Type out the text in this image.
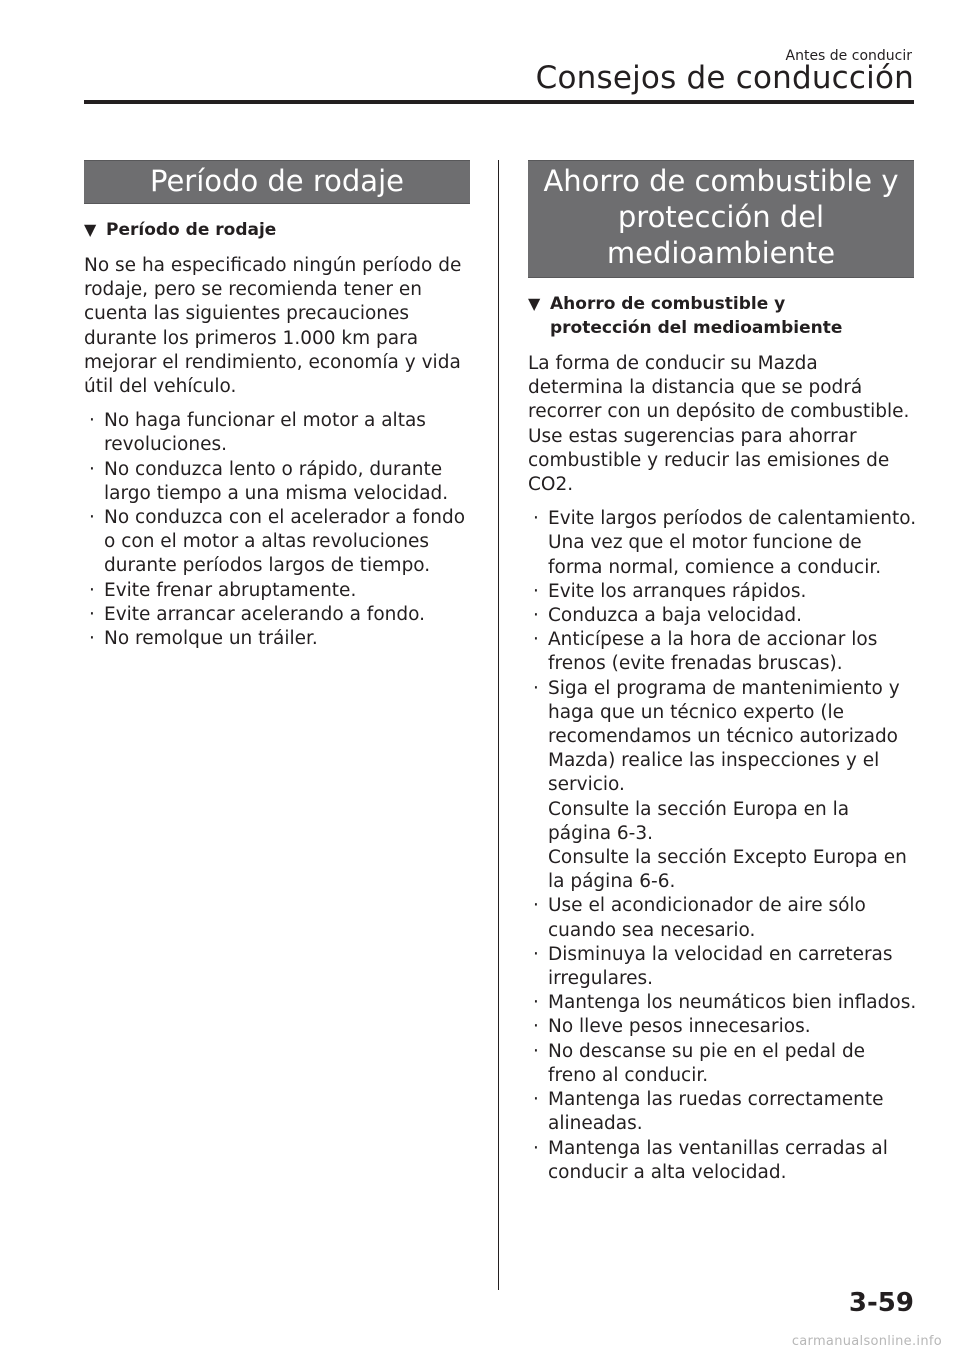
Antes de conducir
Consejos de conducción
Período de rodaje
▼ Período de rodaje

No se ha especificado ningún período de rodaje, pero se recomienda tener en cuenta las siguientes precauciones durante los primeros 1.000 km para mejorar el rendimiento, economía y vida útil del vehículo.

· No haga funcionar el motor a altas revoluciones.
· No conduzca lento o rápido, durante largo tiempo a una misma velocidad.
· No conduzca con el acelerador a fondo o con el motor a altas revoluciones durante períodos largos de tiempo.
· Evite frenar abruptamente.
· Evite arrancar acelerando a fondo.
· No remolque un tráiler.
Ahorro de combustible y
protección del
medioambiente
▼ Ahorro de combustible y
protección del medioambiente

La forma de conducir su Mazda determina la distancia que se podrá recorrer con un depósito de combustible. Use estas sugerencias para ahorrar combustible y reducir las emisiones de CO2.

· Evite largos períodos de calentamiento. Una vez que el motor funcione de forma normal, comience a conducir.
· Evite los arranques rápidos.
· Conduzca a baja velocidad.
· Anticípese a la hora de accionar los frenos (evite frenadas bruscas).
· Siga el programa de mantenimiento y haga que un técnico experto (le recomendamos un técnico autorizado Mazda) realice las inspecciones y el servicio.
Consulte la sección Europa en la página 6-3.
Consulte la sección Excepto Europa en la página 6-6.
· Use el acondicionador de aire sólo cuando sea necesario.
· Disminuya la velocidad en carreteras irregulares.
· Mantenga los neumáticos bien inflados.
· No lleve pesos innecesarios.
· No descanse su pie en el pedal de freno al conducir.
· Mantenga las ruedas correctamente alineadas.
· Mantenga las ventanillas cerradas al conducir a alta velocidad.
3-59
carmanualsonline.info
